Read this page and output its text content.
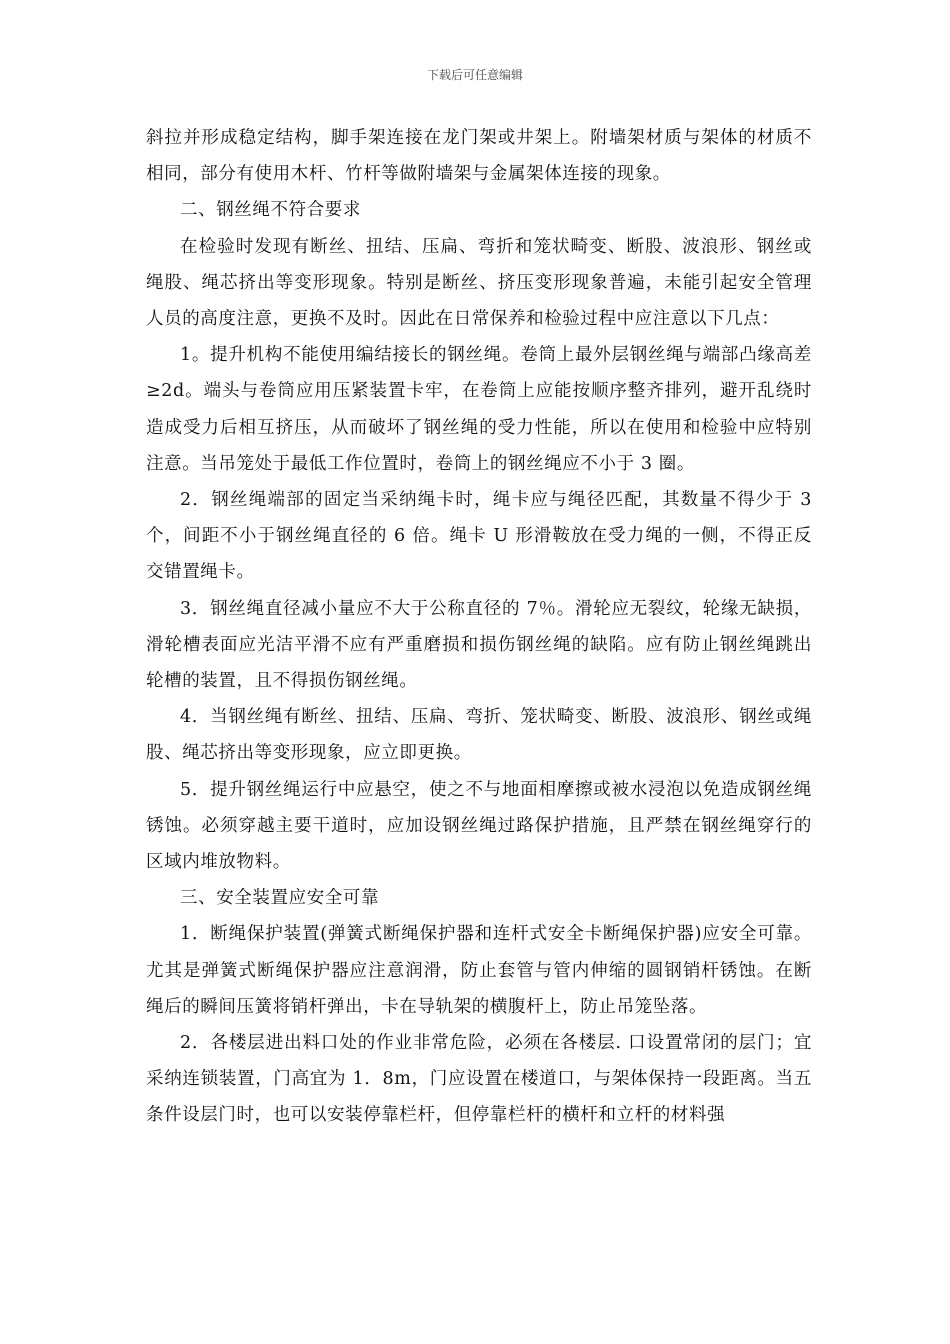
下载后可任意编辑

斜拉并形成稳定结构，脚手架连接在龙门架或井架上。附墙架材质与架体的材质不相同，部分有使用木杆、竹杆等做附墙架与金属架体连接的现象。

二、钢丝绳不符合要求

在检验时发现有断丝、扭结、压扁、弯折和笼状畸变、断股、波浪形、钢丝或绳股、绳芯挤出等变形现象。特别是断丝、挤压变形现象普遍，未能引起安全管理人员的高度注意，更换不及时。因此在日常保养和检验过程中应注意以下几点：

1。提升机构不能使用编结接长的钢丝绳。卷筒上最外层钢丝绳与端部凸缘高差≥2d。端头与卷筒应用压紧装置卡牢，在卷筒上应能按顺序整齐排列，避开乱绕时造成受力后相互挤压，从而破坏了钢丝绳的受力性能，所以在使用和检验中应特别注意。当吊笼处于最低工作位置时，卷筒上的钢丝绳应不小于 3 圈。

2．钢丝绳端部的固定当采纳绳卡时，绳卡应与绳径匹配，其数量不得少于 3 个，间距不小于钢丝绳直径的 6 倍。绳卡 U 形滑鞍放在受力绳的一侧，不得正反交错置绳卡。

3．钢丝绳直径减小量应不大于公称直径的 7％。滑轮应无裂纹，轮缘无缺损，滑轮槽表面应光洁平滑不应有严重磨损和损伤钢丝绳的缺陷。应有防止钢丝绳跳出轮槽的装置，且不得损伤钢丝绳。

4．当钢丝绳有断丝、扭结、压扁、弯折、笼状畸变、断股、波浪形、钢丝或绳股、绳芯挤出等变形现象，应立即更换。

5．提升钢丝绳运行中应悬空，使之不与地面相摩擦或被水浸泡以免造成钢丝绳锈蚀。必须穿越主要干道时，应加设钢丝绳过路保护措施，且严禁在钢丝绳穿行的区域内堆放物料。

三、安全装置应安全可靠

1．断绳保护装置(弹簧式断绳保护器和连杆式安全卡断绳保护器)应安全可靠。尤其是弹簧式断绳保护器应注意润滑，防止套管与管内伸缩的圆钢销杆锈蚀。在断绳后的瞬间压簧将销杆弹出，卡在导轨架的横腹杆上，防止吊笼坠落。

2．各楼层进出料口处的作业非常危险，必须在各楼层. 口设置常闭的层门；宜采纳连锁装置，门高宜为 1．8m，门应设置在楼道口，与架体保持一段距离。当五条件设层门时，也可以安装停靠栏杆，但停靠栏杆的横杆和立杆的材料强
